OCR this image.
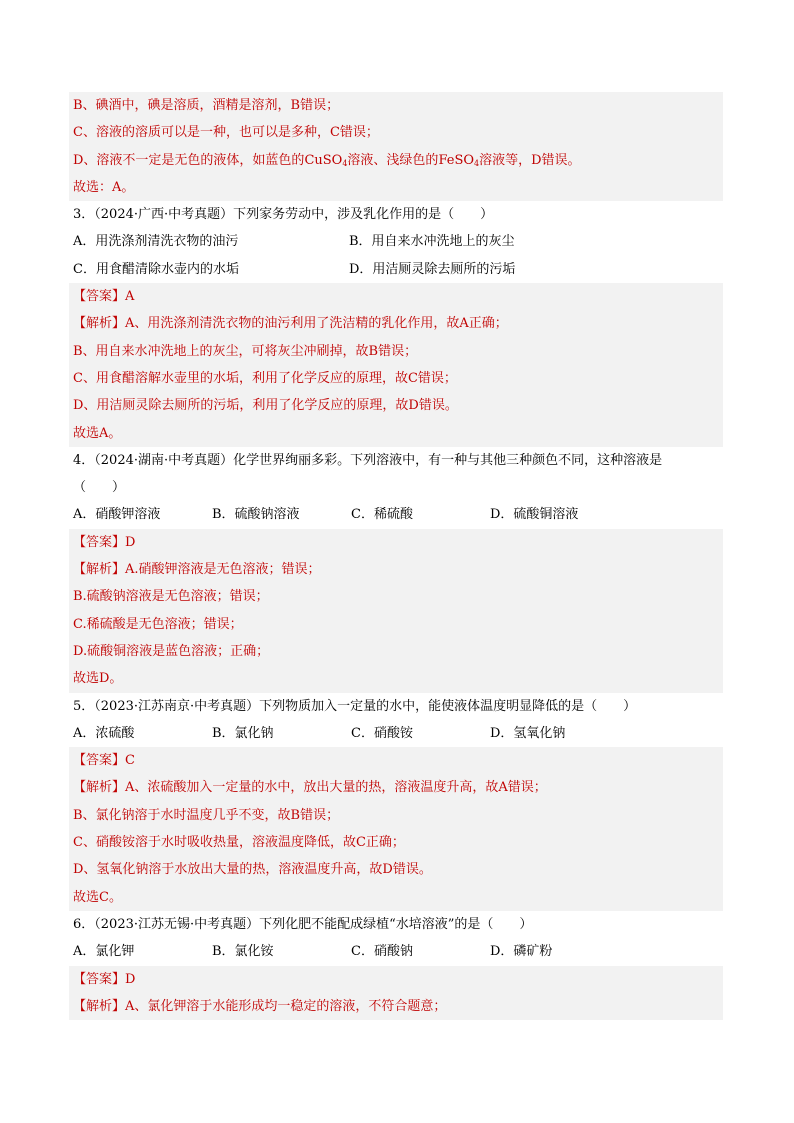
B、碘酒中，碘是溶质，酒精是溶剂，B错误；
C、溶液的溶质可以是一种，也可以是多种，C错误；
D、溶液不一定是无色的液体，如蓝色的CuSO$_4$溶液、浅绿色的FeSO$_4$溶液等，D错误。
故选：A。
3．（2024·广西·中考真题）下列家务劳动中，涉及乳化作用的是（　　）
A．用洗涤剂清洗衣物的油污	B．用自来水冲洗地上的灰尘
C．用食醋清除水壶内的水垢	D．用洁厕灵除去厕所的污垢
【答案】A
【解析】A、用洗涤剂清洗衣物的油污利用了洗洁精的乳化作用，故A正确；
B、用自来水冲洗地上的灰尘，可将灰尘冲刷掉，故B错误；
C、用食醋溶解水壶里的水垢，利用了化学反应的原理，故C错误；
D、用洁厕灵除去厕所的污垢，利用了化学反应的原理，故D错误。
故选A。
4．（2024·湖南·中考真题）化学世界绚丽多彩。下列溶液中，有一种与其他三种颜色不同，这种溶液是
（　　）
A．硝酸钾溶液	B．硫酸钠溶液	C．稀硫酸	D．硫酸铜溶液
【答案】D
【解析】A.硝酸钾溶液是无色溶液；错误；
B.硫酸钠溶液是无色溶液；错误；
C.稀硫酸是无色溶液；错误；
D.硫酸铜溶液是蓝色溶液；正确；
故选D。
5．（2023·江苏南京·中考真题）下列物质加入一定量的水中，能使液体温度明显降低的是（　　）
A．浓硫酸	B．氯化钠	C．硝酸铵	D．氢氧化钠
【答案】C
【解析】A、浓硫酸加入一定量的水中，放出大量的热，溶液温度升高，故A错误；
B、氯化钠溶于水时温度几乎不变，故B错误；
C、硝酸铵溶于水时吸收热量，溶液温度降低，故C正确；
D、氢氧化钠溶于水放出大量的热，溶液温度升高，故D错误。
故选C。
6．（2023·江苏无锡·中考真题）下列化肥不能配成绿植“水培溶液”的是（　　）
A．氯化钾	B．氯化铵	C．硝酸钠	D．磷矿粉
【答案】D
【解析】A、氯化钾溶于水能形成均一稳定的溶液，不符合题意；
